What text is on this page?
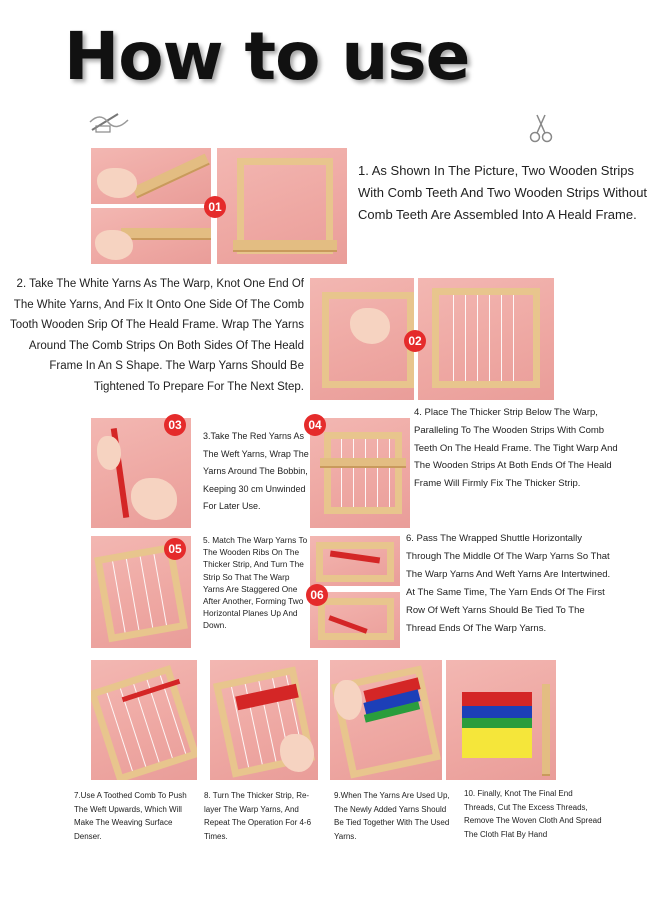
How to use
01
1. As Shown In The Picture, Two Wooden Strips With Comb Teeth And Two Wooden Strips Without Comb Teeth Are Assembled Into A Heald Frame.
2. Take The White Yarns As The Warp, Knot One End Of The White Yarns, And Fix It Onto One Side Of The Comb Tooth Wooden Srip Of The Heald Frame. Wrap The Yarns Around The Comb Strips On Both Sides Of The Heald Frame In An S Shape. The Warp Yarns Should Be Tightened To Prepare For The Next Step.
02
03
3.Take The Red Yarns As The Weft Yarns, Wrap The Yarns Around The Bobbin, Keeping 30 cm Unwinded For Later Use.
04
4. Place The Thicker Strip Below The Warp, Paralleling To The Wooden Strips With Comb Teeth On The Heald Frame. The Tight Warp And The Wooden Strips At Both Ends Of The Heald Frame Will Firmly Fix The Thicker Strip.
05
5. Match The Warp Yarns To The Wooden Ribs On The Thicker Strip, And Turn The Strip So That The Warp Yarns Are Staggered One After Another, Forming Two Horizontal Planes Up And Down.
06
6. Pass The Wrapped Shuttle Horizontally Through The Middle Of The Warp Yarns So That The Warp Yarns And Weft Yarns Are Intertwined. At The Same Time, The Yarn Ends Of The First Row Of Weft Yarns Should Be Tied To The Thread Ends Of The Warp Yarns.
7.Use A Toothed Comb To Push The Weft Upwards, Which Will Make The Weaving Surface Denser.
8. Turn The Thicker Strip, Re-layer The Warp Yarns, And Repeat The Operation For 4-6 Times.
9.When The Yarns Are Used Up, The Newly Added Yarns Should Be Tied Together With The Used Yarns.
10. Finally, Knot The Final End Threads, Cut The Excess Threads, Remove The Woven Cloth And Spread The Cloth Flat By Hand
